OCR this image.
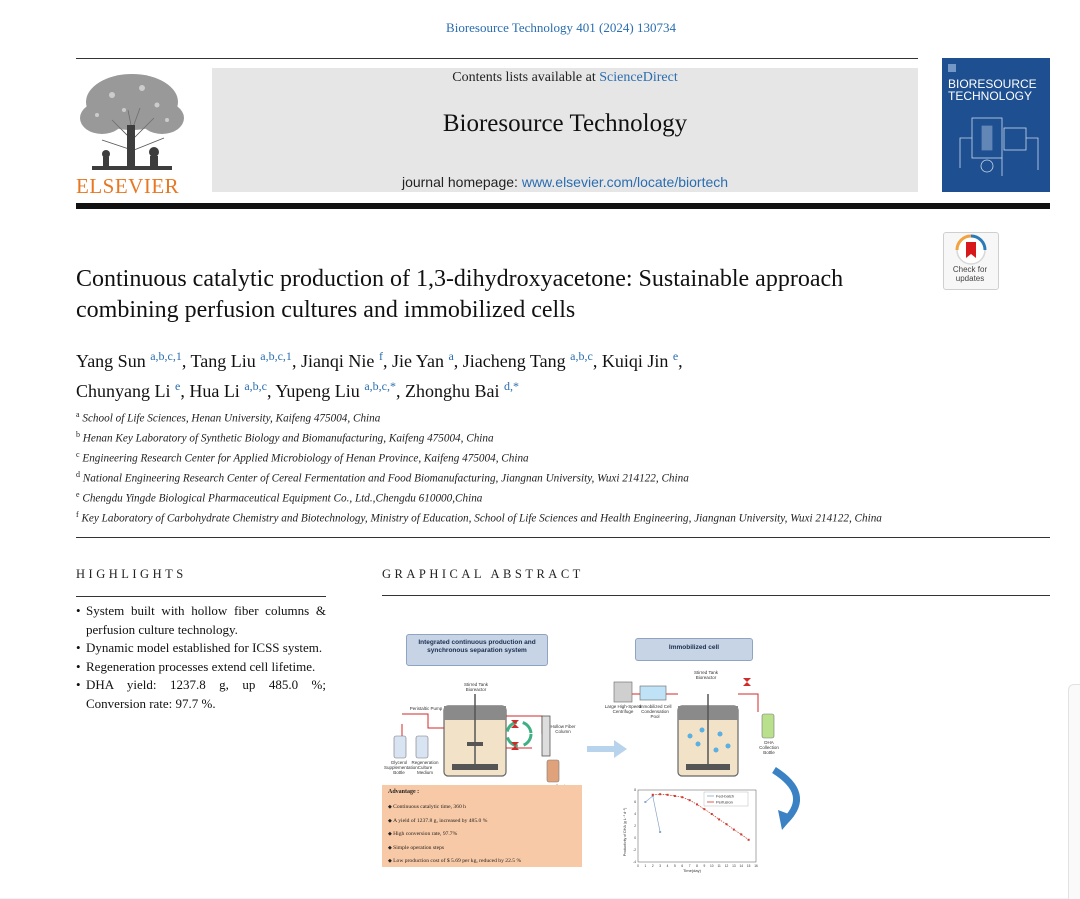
Bioresource Technology 401 (2024) 130734
ELSEVIER
Contents lists available at ScienceDirect
Bioresource Technology
journal homepage: www.elsevier.com/locate/biortech
BIORESOURCE TECHNOLOGY
Check for updates
Continuous catalytic production of 1,3-dihydroxyacetone: Sustainable approach combining perfusion cultures and immobilized cells
Yang Sun $^{a,b,c,1}$, Tang Liu $^{a,b,c,1}$, Jianqi Nie $^f$, Jie Yan $^a$, Jiacheng Tang $^{a,b,c}$, Kuiqi Jin $^e$,
Chunyang Li $^e$, Hua Li $^{a,b,c}$, Yupeng Liu $^{a,b,c,*}$, Zhonghu Bai $^{d,*}$
$^a$ School of Life Sciences, Henan University, Kaifeng 475004, China
$^b$ Henan Key Laboratory of Synthetic Biology and Biomanufacturing, Kaifeng 475004, China
$^c$ Engineering Research Center for Applied Microbiology of Henan Province, Kaifeng 475004, China
$^d$ National Engineering Research Center of Cereal Fermentation and Food Biomanufacturing, Jiangnan University, Wuxi 214122, China
$^e$ Chengdu Yingde Biological Pharmaceutical Equipment Co., Ltd.,Chengdu 610000,China
$^f$ Key Laboratory of Carbohydrate Chemistry and Biotechnology, Ministry of Education, School of Life Sciences and Health Engineering, Jiangnan University, Wuxi 214122, China
HIGHLIGHTS
• System built with hollow fiber columns & perfusion culture technology.
• Dynamic model established for ICSS system.
• Regeneration processes extend cell lifetime.
• DHA yield: 1237.8 g, up 485.0 %; Conversion rate: 97.7 %.
GRAPHICAL ABSTRACT
Integrated continuous production and synchronous separation system	Immobilized cell
Stirred Tank Bioreactor
Peristaltic Pump
Glycerol Supplementation Bottle
Regeneration Culture Medium
Hollow Fiber Column
Stirred Tank Bioreactor
Large High-Speed Centrifuge
Immobilized Cell Condensation Pool
DHA Collection Bottle
Advantage :
◆ Continuous catalytic time, 360 h
◆ A yield of 1237.8 g, increased by 485.0 %
◆ High conversion rate, 97.7%
◆ Simple operation steps
◆ Low production cost of $ 5.69 per kg, reduced by 22.5 %
0 1 2 3 4 5 6 7 8 9 10 11 12 13 14 15 16
-4
-2
0
2
4
6
8
Fed-batch
Perfusion
Time(day)
Productivity of DHA (g L⁻¹ d⁻¹)
